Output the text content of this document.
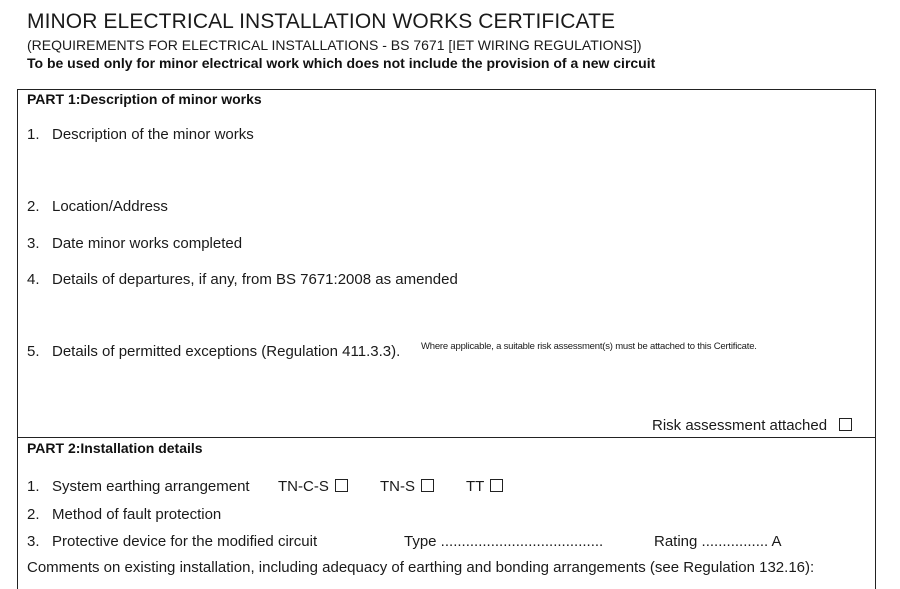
MINOR ELECTRICAL INSTALLATION WORKS CERTIFICATE
(REQUIREMENTS FOR ELECTRICAL INSTALLATIONS - BS 7671 [IET WIRING REGULATIONS])
To be used only for minor electrical work which does not include the provision of a new circuit
PART 1:Description of minor works
1. Description of the minor works
2. Location/Address
3. Date minor works completed
4. Details of departures, if any, from BS 7671:2008 as amended
5. Details of permitted exceptions (Regulation 411.3.3). Where applicable, a suitable risk assessment(s) must be attached to this Certificate.
Risk assessment attached
PART 2:Installation details
1. System earthing arrangement TN-C-S	TN-S	TT
2. Method of fault protection
3. Protective device for the modified circuit	Type .......................................	Rating ................ A
Comments on existing installation, including adequacy of earthing and bonding arrangements (see Regulation 132.16):
